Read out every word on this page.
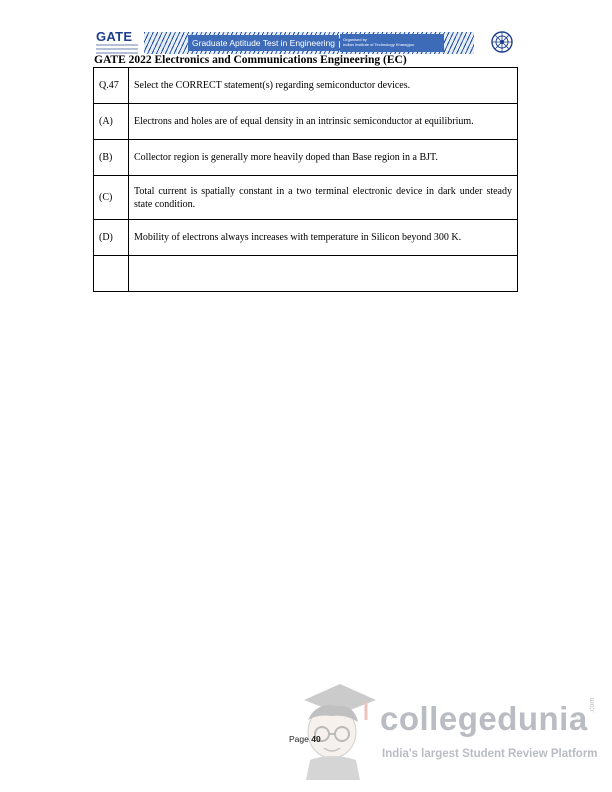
GATE	Graduate Aptitude Test in Engineering	Organised by
Indian Institute of Technology Kharagpur
GATE 2022 Electronics and Communications Engineering (EC)
Q.47	Select the CORRECT statement(s) regarding semiconductor devices.
(A)	Electrons and holes are of equal density in an intrinsic semiconductor at equilibrium.
(B)	Collector region is generally more heavily doped than Base region in a BJT.
(C)	Total current is spatially constant in a two terminal electronic device in dark under steady state condition.
(D)	Mobility of electrons always increases with temperature in Silicon beyond 300 K.

Page 40
collegedunia .com
India's largest Student Review Platform
